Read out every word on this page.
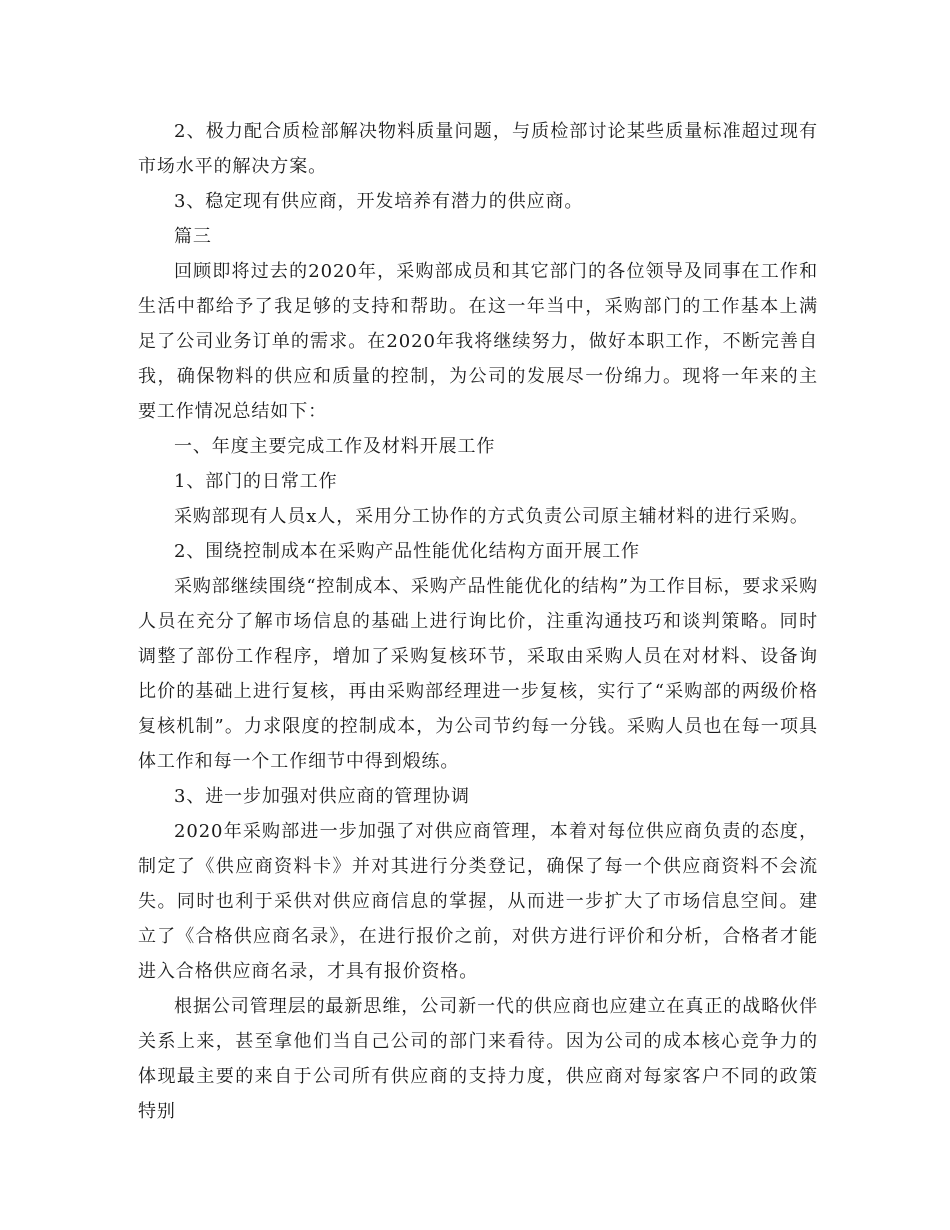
2、极力配合质检部解决物料质量问题，与质检部讨论某些质量标准超过现有市场水平的解决方案。

3、稳定现有供应商，开发培养有潜力的供应商。

篇三

回顾即将过去的2020年，采购部成员和其它部门的各位领导及同事在工作和生活中都给予了我足够的支持和帮助。在这一年当中，采购部门的工作基本上满足了公司业务订单的需求。在2020年我将继续努力，做好本职工作，不断完善自我，确保物料的供应和质量的控制，为公司的发展尽一份绵力。现将一年来的主要工作情况总结如下：

一、年度主要完成工作及材料开展工作

1、部门的日常工作

采购部现有人员x人，采用分工协作的方式负责公司原主辅材料的进行采购。

2、围绕控制成本在采购产品性能优化结构方面开展工作

采购部继续围绕“控制成本、采购产品性能优化的结构”为工作目标，要求采购人员在充分了解市场信息的基础上进行询比价，注重沟通技巧和谈判策略。同时调整了部份工作程序，增加了采购复核环节，采取由采购人员在对材料、设备询比价的基础上进行复核，再由采购部经理进一步复核，实行了“采购部的两级价格复核机制”。力求限度的控制成本，为公司节约每一分钱。采购人员也在每一项具体工作和每一个工作细节中得到煅练。

3、进一步加强对供应商的管理协调

2020年采购部进一步加强了对供应商管理，本着对每位供应商负责的态度，制定了《供应商资料卡》并对其进行分类登记，确保了每一个供应商资料不会流失。同时也利于采供对供应商信息的掌握，从而进一步扩大了市场信息空间。建立了《合格供应商名录》，在进行报价之前，对供方进行评价和分析，合格者才能进入合格供应商名录，才具有报价资格。

根据公司管理层的最新思维，公司新一代的供应商也应建立在真正的战略伙伴关系上来，甚至拿他们当自己公司的部门来看待。因为公司的成本核心竞争力的体现最主要的来自于公司所有供应商的支持力度，供应商对每家客户不同的政策特别
